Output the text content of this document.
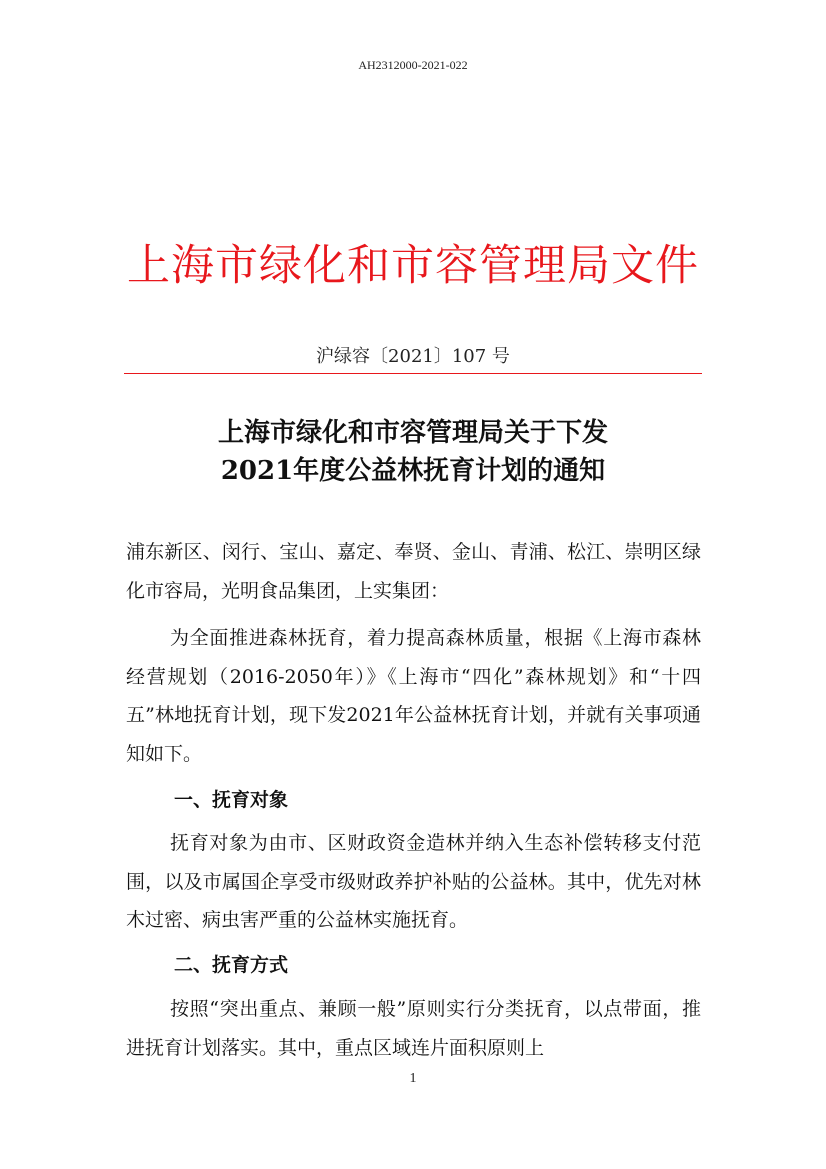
AH2312000-2021-022
上海市绿化和市容管理局文件
沪绿容〔2021〕107 号
上海市绿化和市容管理局关于下发
2021年度公益林抚育计划的通知
浦东新区、闵行、宝山、嘉定、奉贤、金山、青浦、松江、崇明区绿化市容局，光明食品集团，上实集团：
为全面推进森林抚育，着力提高森林质量，根据《上海市森林经营规划（2016-2050年）》《上海市“四化”森林规划》和“十四五”林地抚育计划，现下发2021年公益林抚育计划，并就有关事项通知如下。
一、抚育对象
抚育对象为由市、区财政资金造林并纳入生态补偿转移支付范围，以及市属国企享受市级财政养护补贴的公益林。其中，优先对林木过密、病虫害严重的公益林实施抚育。
二、抚育方式
按照“突出重点、兼顾一般”原则实行分类抚育，以点带面，推进抚育计划落实。其中，重点区域连片面积原则上
1
